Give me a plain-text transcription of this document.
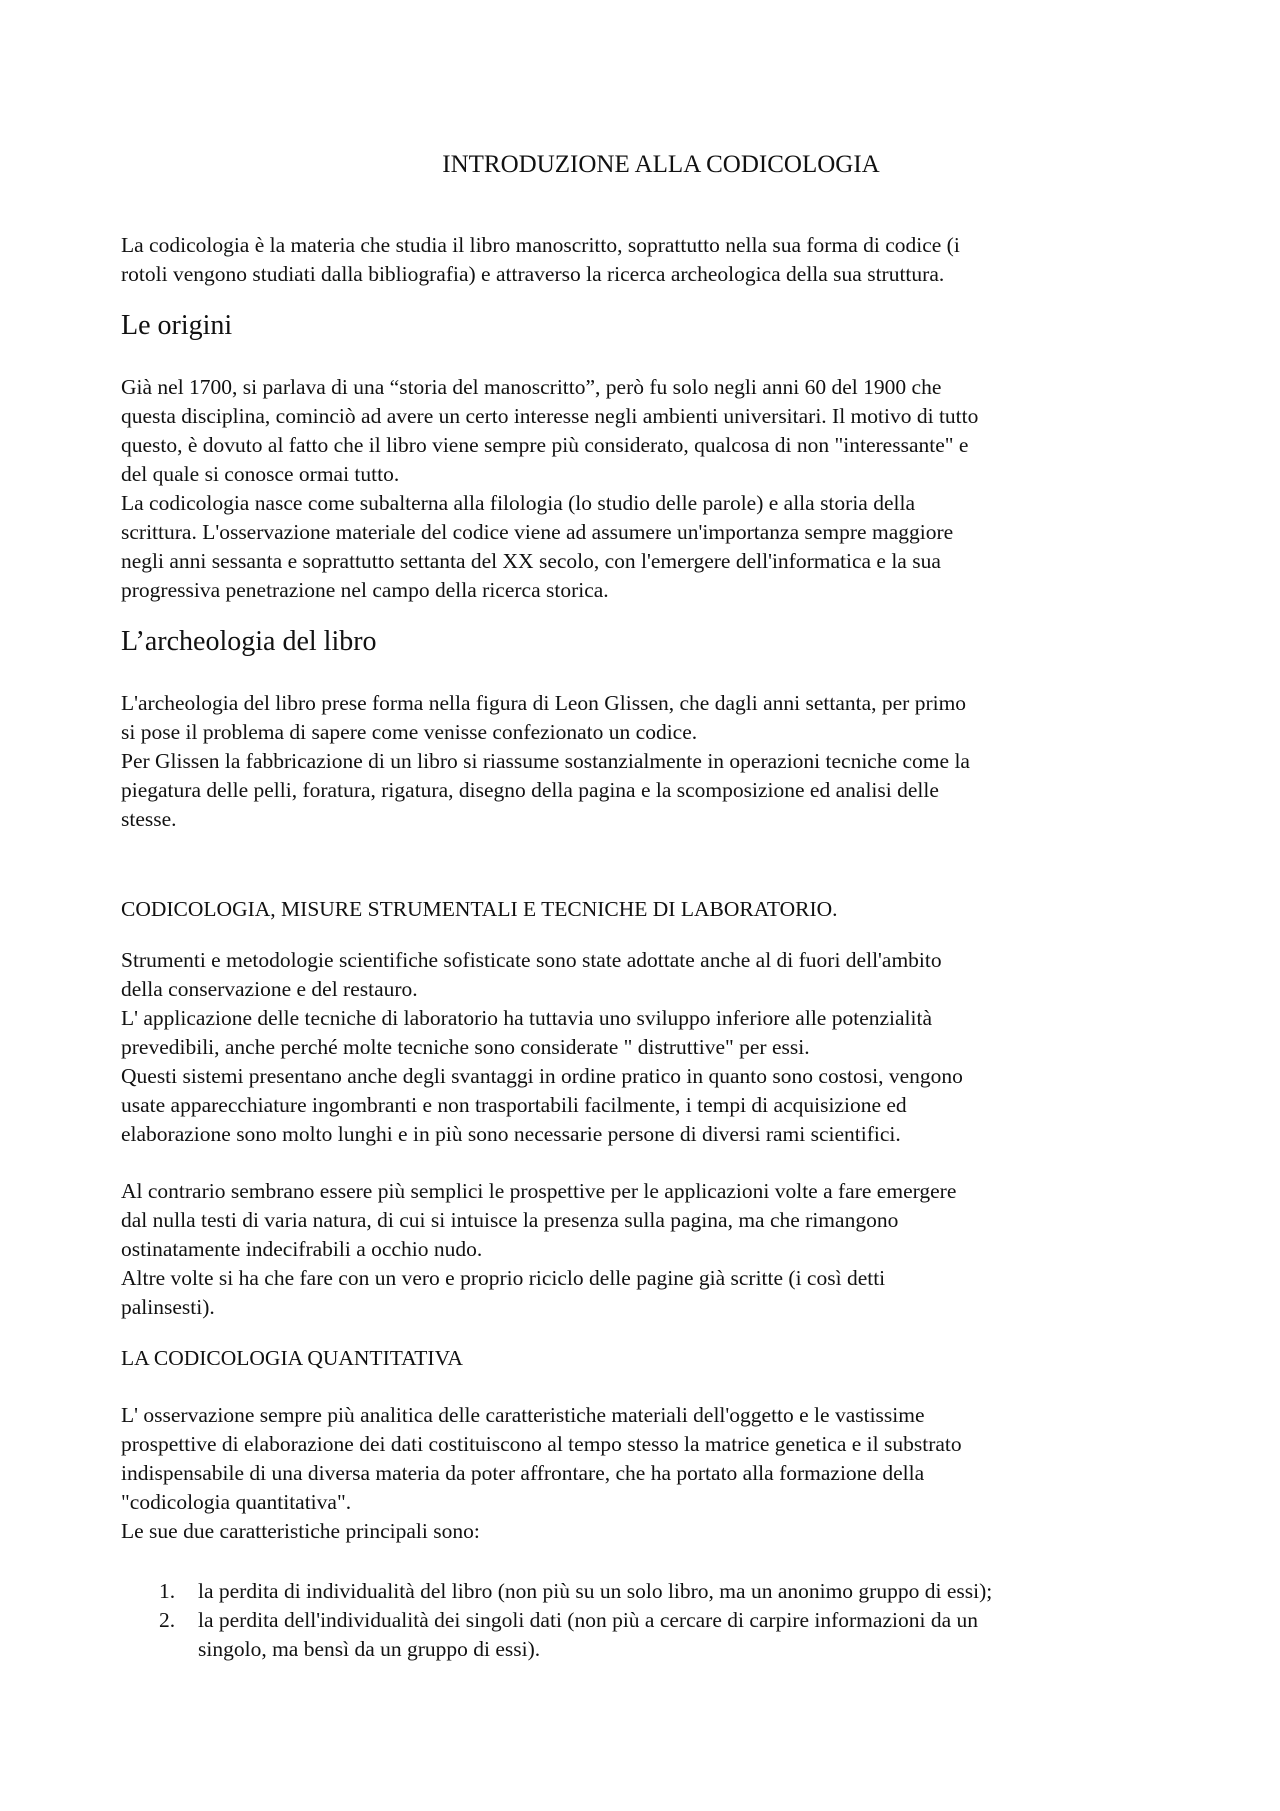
INTRODUZIONE ALLA CODICOLOGIA

La codicologia è la materia che studia il libro manoscritto, soprattutto nella sua forma di codice (i
rotoli vengono studiati dalla bibliografia) e attraverso la ricerca archeologica della sua struttura.

Le origini

Già nel 1700, si parlava di una “storia del manoscritto”, però fu solo negli anni 60 del 1900 che
questa disciplina, cominciò ad avere un certo interesse negli ambienti universitari. Il motivo di tutto
questo, è dovuto al fatto che il libro viene sempre più considerato, qualcosa di non "interessante" e
del quale si conosce ormai tutto.

La codicologia nasce come subalterna alla filologia (lo studio delle parole) e alla storia della
scrittura. L'osservazione materiale del codice viene ad assumere un'importanza sempre maggiore
negli anni sessanta e soprattutto settanta del XX secolo, con l'emergere dell'informatica e la sua
progressiva penetrazione nel campo della ricerca storica.

L’archeologia del libro

L'archeologia del libro prese forma nella figura di Leon Glissen, che dagli anni settanta, per primo
si pose il problema di sapere come venisse confezionato un codice.

Per Glissen la fabbricazione di un libro si riassume sostanzialmente in operazioni tecniche come la
piegatura delle pelli, foratura, rigatura, disegno della pagina e la scomposizione ed analisi delle
stesse.

CODICOLOGIA, MISURE STRUMENTALI E TECNICHE DI LABORATORIO.

Strumenti e metodologie scientifiche sofisticate sono state adottate anche al di fuori dell'ambito
della conservazione e del restauro.

L' applicazione delle tecniche di laboratorio ha tuttavia uno sviluppo inferiore alle potenzialità
prevedibili, anche perché molte tecniche sono considerate " distruttive" per essi.

Questi sistemi presentano anche degli svantaggi in ordine pratico in quanto sono costosi, vengono
usate apparecchiature ingombranti e non trasportabili facilmente, i tempi di acquisizione ed
elaborazione sono molto lunghi e in più sono necessarie persone di diversi rami scientifici.

Al contrario sembrano essere più semplici le prospettive per le applicazioni volte a fare emergere
dal nulla testi di varia natura, di cui si intuisce la presenza sulla pagina, ma che rimangono
ostinatamente indecifrabili a occhio nudo.

Altre volte si ha che fare con un vero e proprio riciclo delle pagine già scritte (i così detti
palinsesti).

LA CODICOLOGIA QUANTITATIVA

L' osservazione sempre più analitica delle caratteristiche materiali dell'oggetto e le vastissime
prospettive di elaborazione dei dati costituiscono al tempo stesso la matrice genetica e il substrato
indispensabile di una diversa materia da poter affrontare, che ha portato alla formazione della
"codicologia quantitativa".

Le sue due caratteristiche principali sono:

1. la perdita di individualità del libro (non più su un solo libro, ma un anonimo gruppo di essi);

2. la perdita dell'individualità dei singoli dati (non più a cercare di carpire informazioni da un
singolo, ma bensì da un gruppo di essi).
